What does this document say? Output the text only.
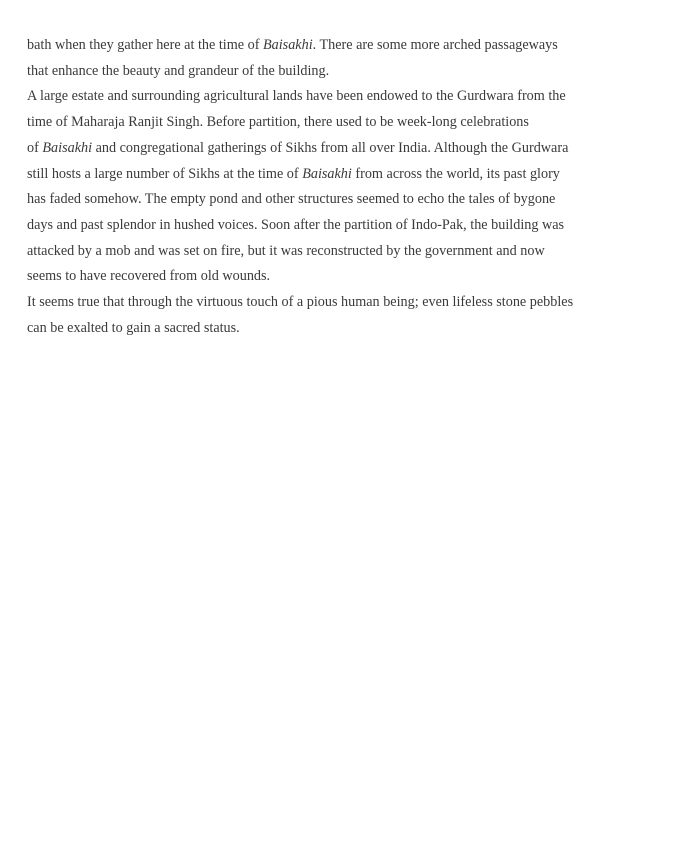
bath when they gather here at the time of Baisakhi. There are some more arched passageways
that enhance the beauty and grandeur of the building.
A large estate and surrounding agricultural lands have been endowed to the Gurdwara from the
time of Maharaja Ranjit Singh. Before partition, there used to be week-long celebrations
of Baisakhi and congregational gatherings of Sikhs from all over India. Although the Gurdwara
still hosts a large number of Sikhs at the time of Baisakhi from across the world, its past glory
has faded somehow. The empty pond and other structures seemed to echo the tales of bygone
days and past splendor in hushed voices. Soon after the partition of Indo-Pak, the building was
attacked by a mob and was set on fire, but it was reconstructed by the government and now
seems to have recovered from old wounds.
It seems true that through the virtuous touch of a pious human being; even lifeless stone pebbles
can be exalted to gain a sacred status.
